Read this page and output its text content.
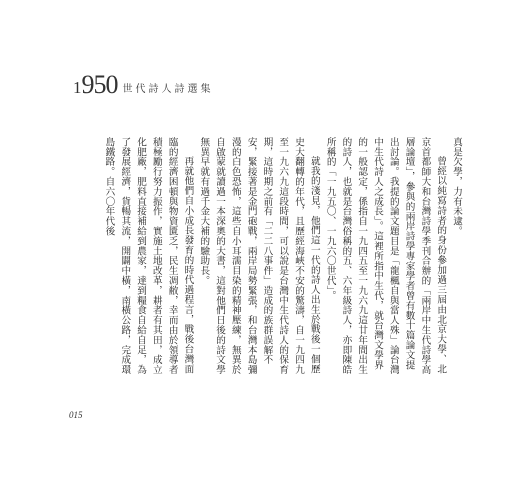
1950 世代詩人詩選集

真是欠學，力有未逮。

曾經以純寫詩者的身份參加過三屆由北京大學、北京首都師大和台灣詩學季刊合辦的「兩岸中生代詩學高層論壇」，參與的兩岸詩學專家學者曾有數十篇論文提出討論。我提的論文題目是「龍楓自與當人殊」論台灣中生代詩人之成長」。這裡所指中生代，就台灣文學界的一般認定，係指自一九四五至一九六九這廿年間出生的詩人，也就是台灣俗稱的五、六年級詩人，亦即陳皓所稱的「一九五〇、一九六〇世代」。

就我的淺見，他們這一代的詩人出生於戰後一個歷史大翻轉的年代，且歷經海峽不安的驚濤，自一九四九至一九六九這段時間，可以說是台灣中生代詩人的保育期，這時期之前有「二二八事件」造成的族群誤解不安，緊接著是金門砲戰，兩岸局勢緊張，和台灣本島彌漫的白色恐怖，這些自小耳濡目染的精神壓練，無異於自啟蒙就讀過一本深奧的大書，這對他們日後的詩文學無異早就有過千金大補的驗助長。

再就他們自小成長發育的時代過程言，戰後台灣面臨的經濟困頓與物資匱乏，民生凋敝，幸而由於領導者積極勵行努力振作，實施土地改革，耕者有其田，成立化肥廠，肥料直接補給到農家，達到糧食自給自足，為了發展經濟，貨暢其流，開闢中橫，南橫公路，完成環島鐵路。自六〇年代後

015
